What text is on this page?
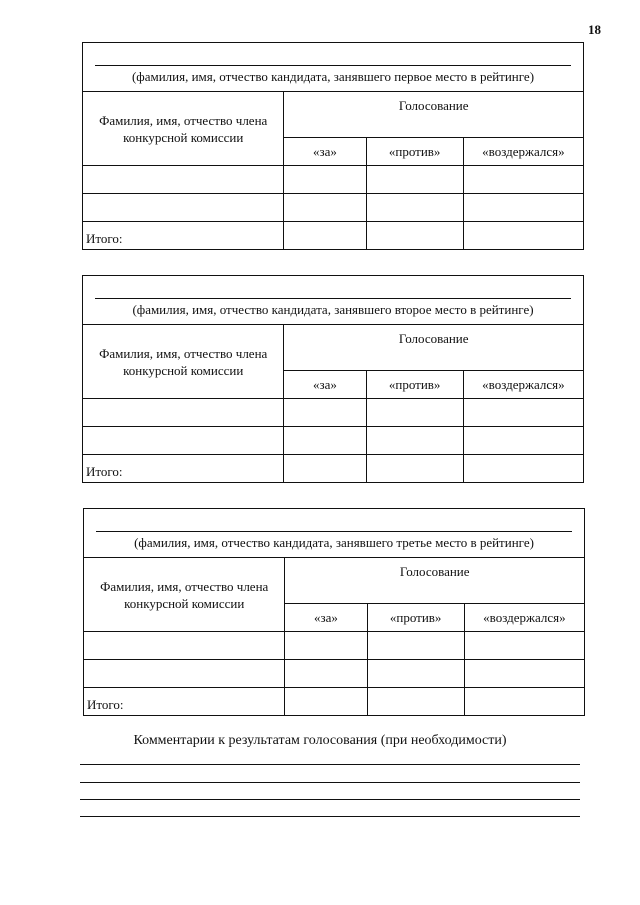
18
(фамилия, имя, отчество кандидата, занявшего первое место в рейтинге)			

Фамилия, имя, отчество члена конкурсной комиссии	Голосование		
	«за»	«против»	«воздержался»

Итого:			
(фамилия, имя, отчество кандидата, занявшего второе место в рейтинге)			

Фамилия, имя, отчество члена конкурсной комиссии	Голосование		
	«за»	«против»	«воздержался»

Итого:			
(фамилия, имя, отчество кандидата, занявшего третье место в рейтинге)			

Фамилия, имя, отчество члена конкурсной комиссии	Голосование		
	«за»	«против»	«воздержался»

Итого:			
Комментарии к результатам голосования (при необходимости)
